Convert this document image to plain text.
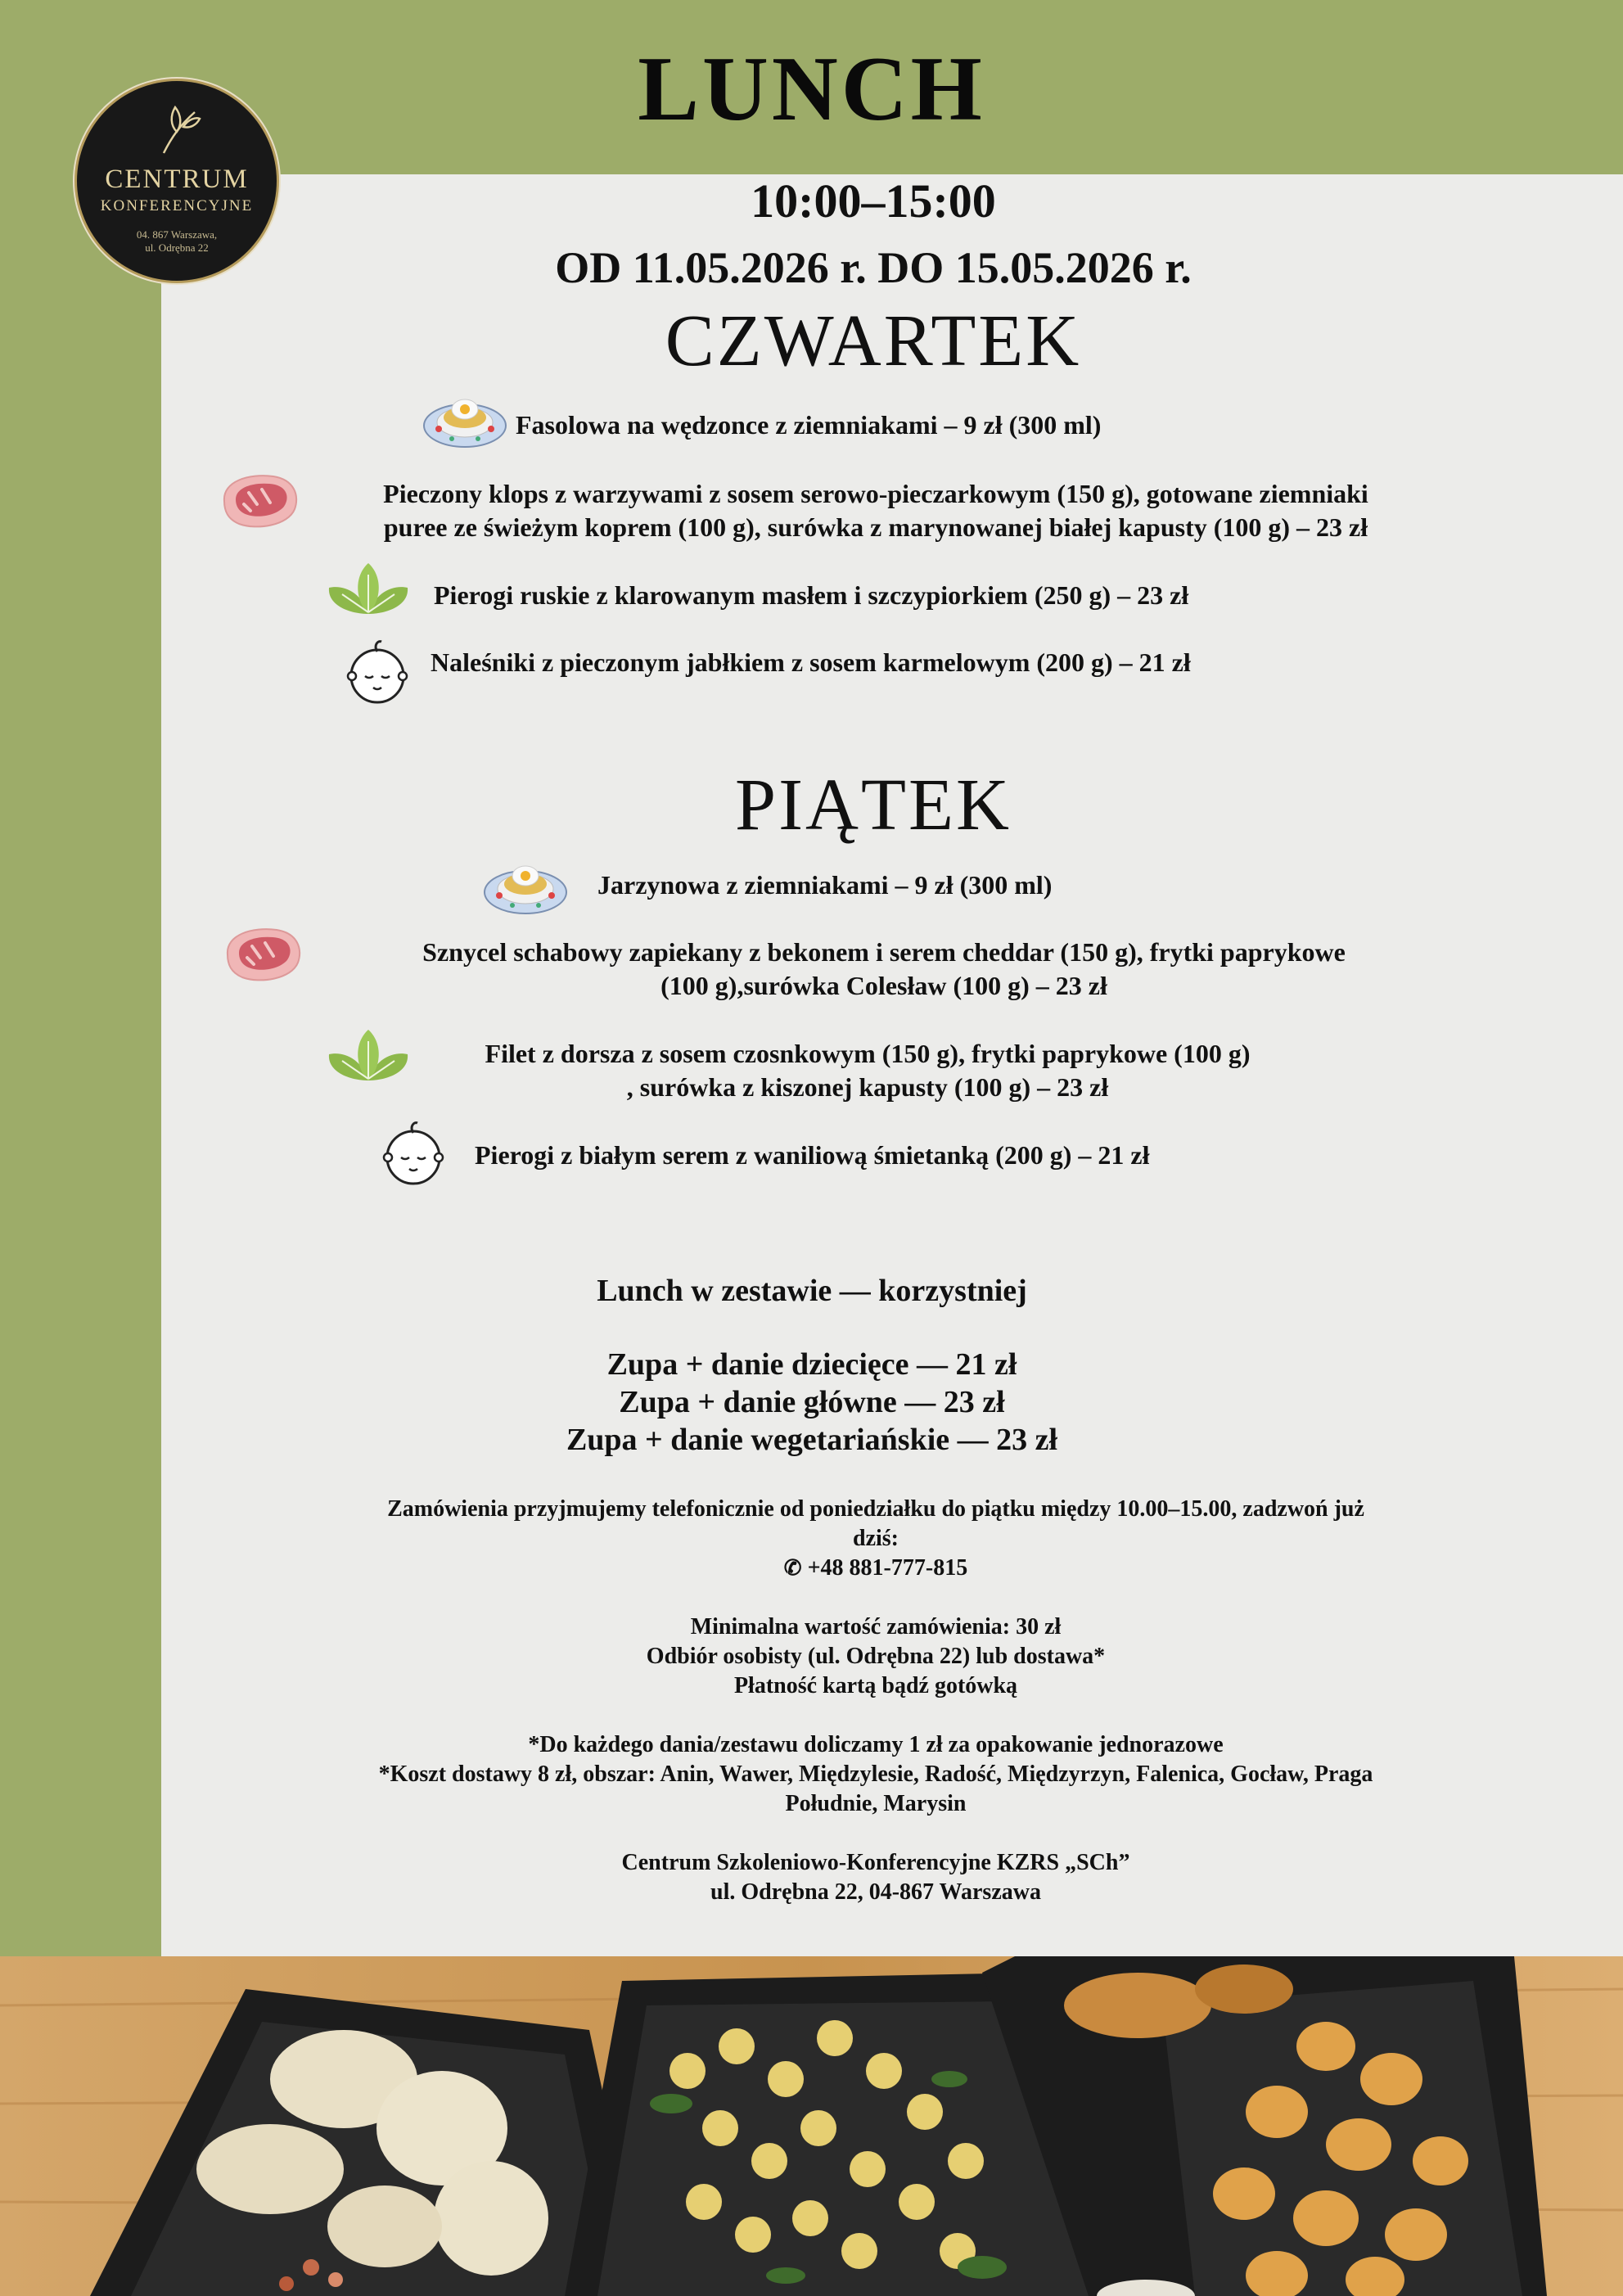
LUNCH
CENTRUM
KONFERENCYJNE
04. 867 Warszawa,
ul. Odrębna 22
10:00–15:00
OD 11.05.2026 r. DO 15.05.2026 r.
CZWARTEK
Fasolowa na wędzonce z ziemniakami – 9 zł (300 ml)
Pieczony klops z warzywami z sosem serowo-pieczarkowym (150 g), gotowane ziemniaki
puree ze świeżym koprem (100 g), surówka z marynowanej białej kapusty (100 g) – 23 zł
Pierogi ruskie z klarowanym masłem i szczypiorkiem (250 g) – 23 zł
Naleśniki z pieczonym jabłkiem z sosem karmelowym (200 g) – 21 zł
PIĄTEK
Jarzynowa z ziemniakami – 9 zł (300 ml)
Sznycel schabowy zapiekany z bekonem i serem cheddar (150 g), frytki paprykowe
(100 g),surówka Colesław (100 g) – 23 zł
Filet z dorsza z sosem czosnkowym (150 g), frytki paprykowe (100 g)
, surówka z kiszonej kapusty (100 g) – 23 zł
Pierogi z białym serem z waniliową śmietanką (200 g) – 21 zł
Lunch w zestawie — korzystniej
Zupa + danie dziecięce — 21 zł
Zupa + danie główne — 23 zł
Zupa + danie wegetariańskie — 23 zł
Zamówienia przyjmujemy telefonicznie od poniedziałku do piątku między 10.00–15.00, zadzwoń już
dziś:
✆ +48 881-777-815
Minimalna wartość zamówienia: 30 zł
Odbiór osobisty (ul. Odrębna 22) lub dostawa*
Płatność kartą bądź gotówką
*Do każdego dania/zestawu doliczamy 1 zł za opakowanie jednorazowe
*Koszt dostawy 8 zł, obszar: Anin, Wawer, Międzylesie, Radość, Międzyrzyn, Falenica, Gocław, Praga
Południe, Marysin
Centrum Szkoleniowo-Konferencyjne KZRS „SCh”
ul. Odrębna 22, 04-867 Warszawa
